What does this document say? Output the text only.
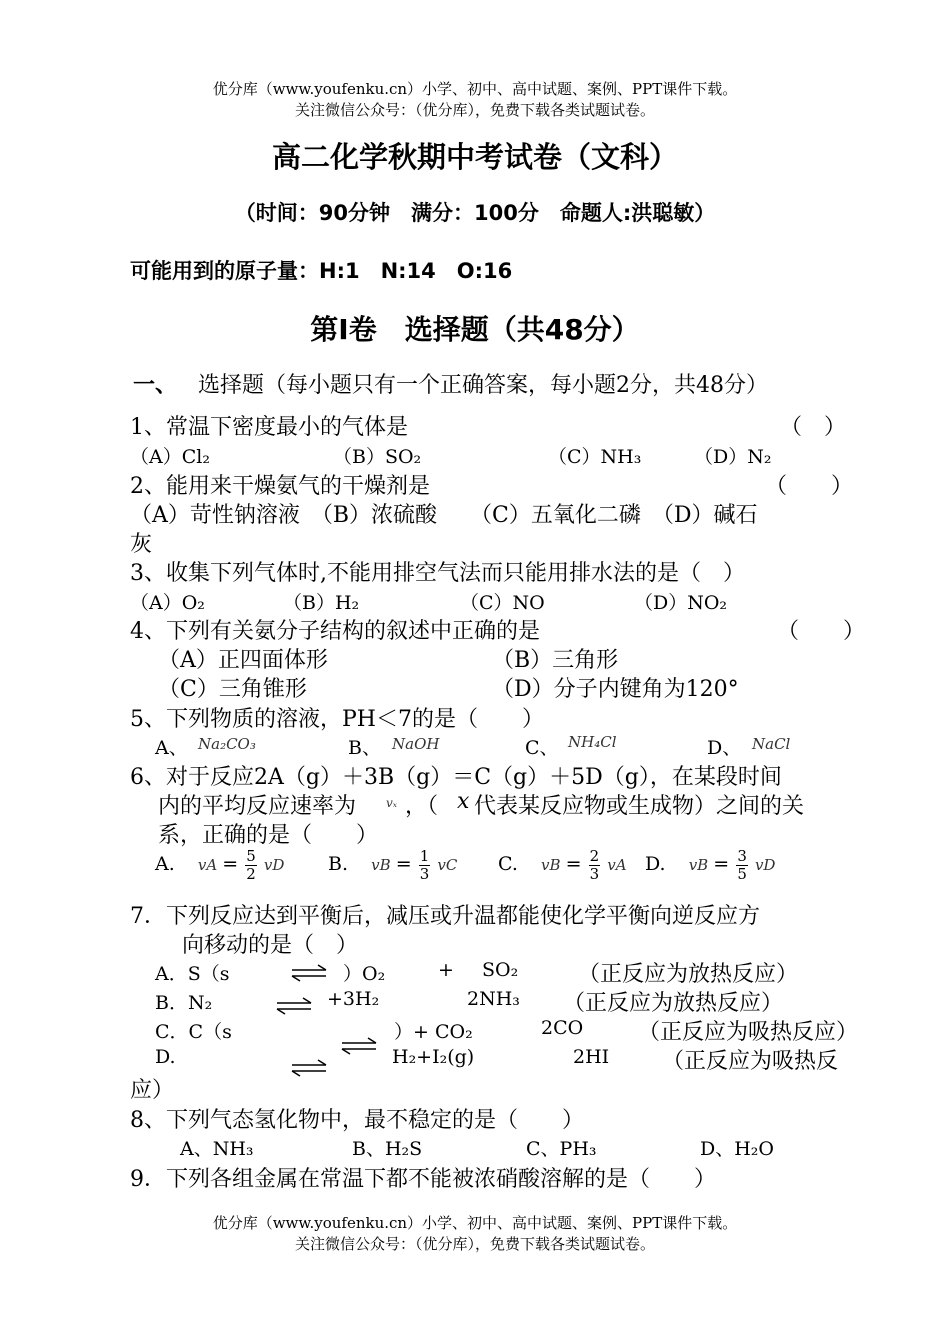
优分库（www.youfenku.cn）小学、初中、高中试题、案例、PPT课件下载。
关注微信公众号：（优分库），免费下载各类试题试卷。
高二化学秋期中考试卷（文科）
（时间：90分钟　满分：100分　命题人:洪聪敏）
可能用到的原子量：H:1　N:14　O:16
第Ⅰ卷　选择题（共48分）
一、 选择题（每小题只有一个正确答案，每小题2分，共48分）
1、常温下密度最小的气体是	（　）
（A）Cl₂	（B）SO₂	（C）NH₃	（D）N₂
2、能用来干燥氨气的干燥剂是	（　　）
（A）苛性钠溶液　（B）浓硫酸　　（C）五氧化二磷　（D）碱石
灰
3、收集下列气体时,不能用排空气法而只能用排水法的是（　）
（A）O₂	（B）H₂	（C）NO	（D）NO₂
4、下列有关氨分子结构的叙述中正确的是	（　　）
（A）正四面体形	（B）三角形
（C）三角锥形	（D）分子内键角为120°
5、下列物质的溶液，PH＜7的是（　　）
A、 Na₂CO₃	B、 NaOH	C、 NH₄Cl	D、 NaCl
6、对于反应2A（g）＋3B（g）＝C（g）＋5D（g），在某段时间
内的平均反应速率为 vₓ ，（ x 代表某反应物或生成物）之间的关
系，正确的是（　　）
A. vA = $\frac{5}{2}$ vD B. vB = $\frac{1}{3}$ vC C. vB = $\frac{2}{3}$ vA D. vB = $\frac{3}{5}$ vD
7．下列反应达到平衡后，减压或升温都能使化学平衡向逆反应方
向移动的是（　）
A．S（s	⇌ ）O₂	+ SO₂	（正反应为放热反应）
B．N₂	⇌ +3H₂	2NH₃ （正反应为放热反应）
C．C（s	）+ CO₂	2CO （正反应为吸热反应）
D.	H₂+I₂(g)	2HI （正反应为吸热反
应）
8、下列气态氢化物中，最不稳定的是（　　）
A、NH₃	B、H₂S	C、PH₃	D、H₂O
9．下列各组金属在常温下都不能被浓硝酸溶解的是（　　）
优分库（www.youfenku.cn）小学、初中、高中试题、案例、PPT课件下载。
关注微信公众号：（优分库），免费下载各类试题试卷。
